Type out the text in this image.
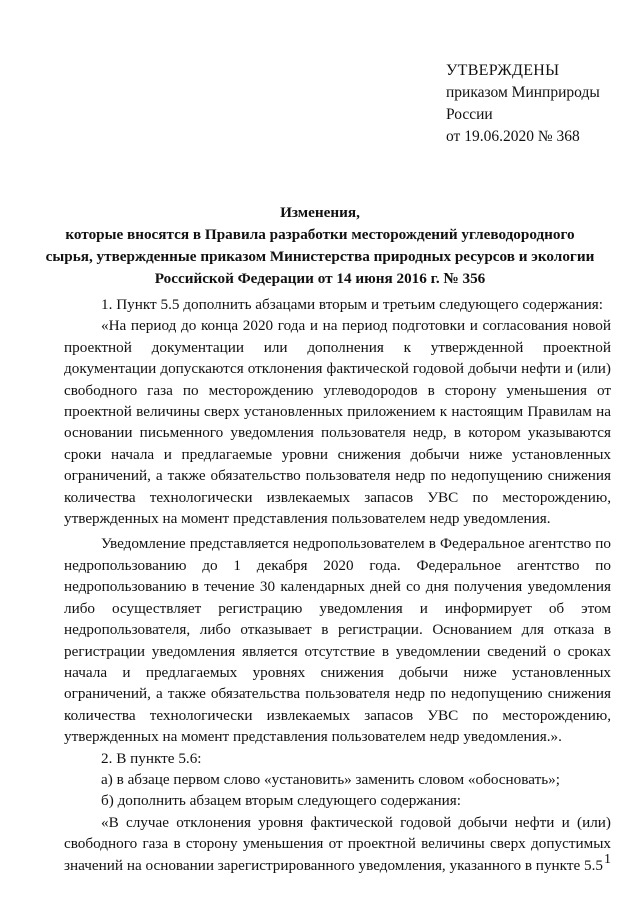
УТВЕРЖДЕНЫ
приказом Минприроды
России
от 19.06.2020 № 368
Изменения,
которые вносятся в Правила разработки месторождений углеводородного
сырья, утвержденные приказом Министерства природных ресурсов и экологии
Российской Федерации от 14 июня 2016 г. № 356

1. Пункт 5.5 дополнить абзацами вторым и третьим следующего содержания:

«На период до конца 2020 года и на период подготовки и согласования новой проектной документации или дополнения к утвержденной проектной документации допускаются отклонения фактической годовой добычи нефти и (или) свободного газа по месторождению углеводородов в сторону уменьшения от проектной величины сверх установленных приложением к настоящим Правилам на основании письменного уведомления пользователя недр, в котором указываются сроки начала и предлагаемые уровни снижения добычи ниже установленных ограничений, а также обязательство пользователя недр по недопущению снижения количества технологически извлекаемых запасов УВС по месторождению, утвержденных на момент представления пользователем недр уведомления.

Уведомление представляется недропользователем в Федеральное агентство по недропользованию до 1 декабря 2020 года. Федеральное агентство по недропользованию в течение 30 календарных дней со дня получения уведомления либо осуществляет регистрацию уведомления и информирует об этом недропользователя, либо отказывает в регистрации. Основанием для отказа в регистрации уведомления является отсутствие в уведомлении сведений о сроках начала и предлагаемых уровнях снижения добычи ниже установленных ограничений, а также обязательства пользователя недр по недопущению снижения количества технологически извлекаемых запасов УВС по месторождению, утвержденных на момент представления пользователем недр уведомления.».

2. В пункте 5.6:

а) в абзаце первом слово «установить» заменить словом «обосновать»;

б) дополнить абзацем вторым следующего содержания:

«В случае отклонения уровня фактической годовой добычи нефти и (или) свободного газа в сторону уменьшения от проектной величины сверх допустимых значений на основании зарегистрированного уведомления, указанного в пункте 5.5 1
